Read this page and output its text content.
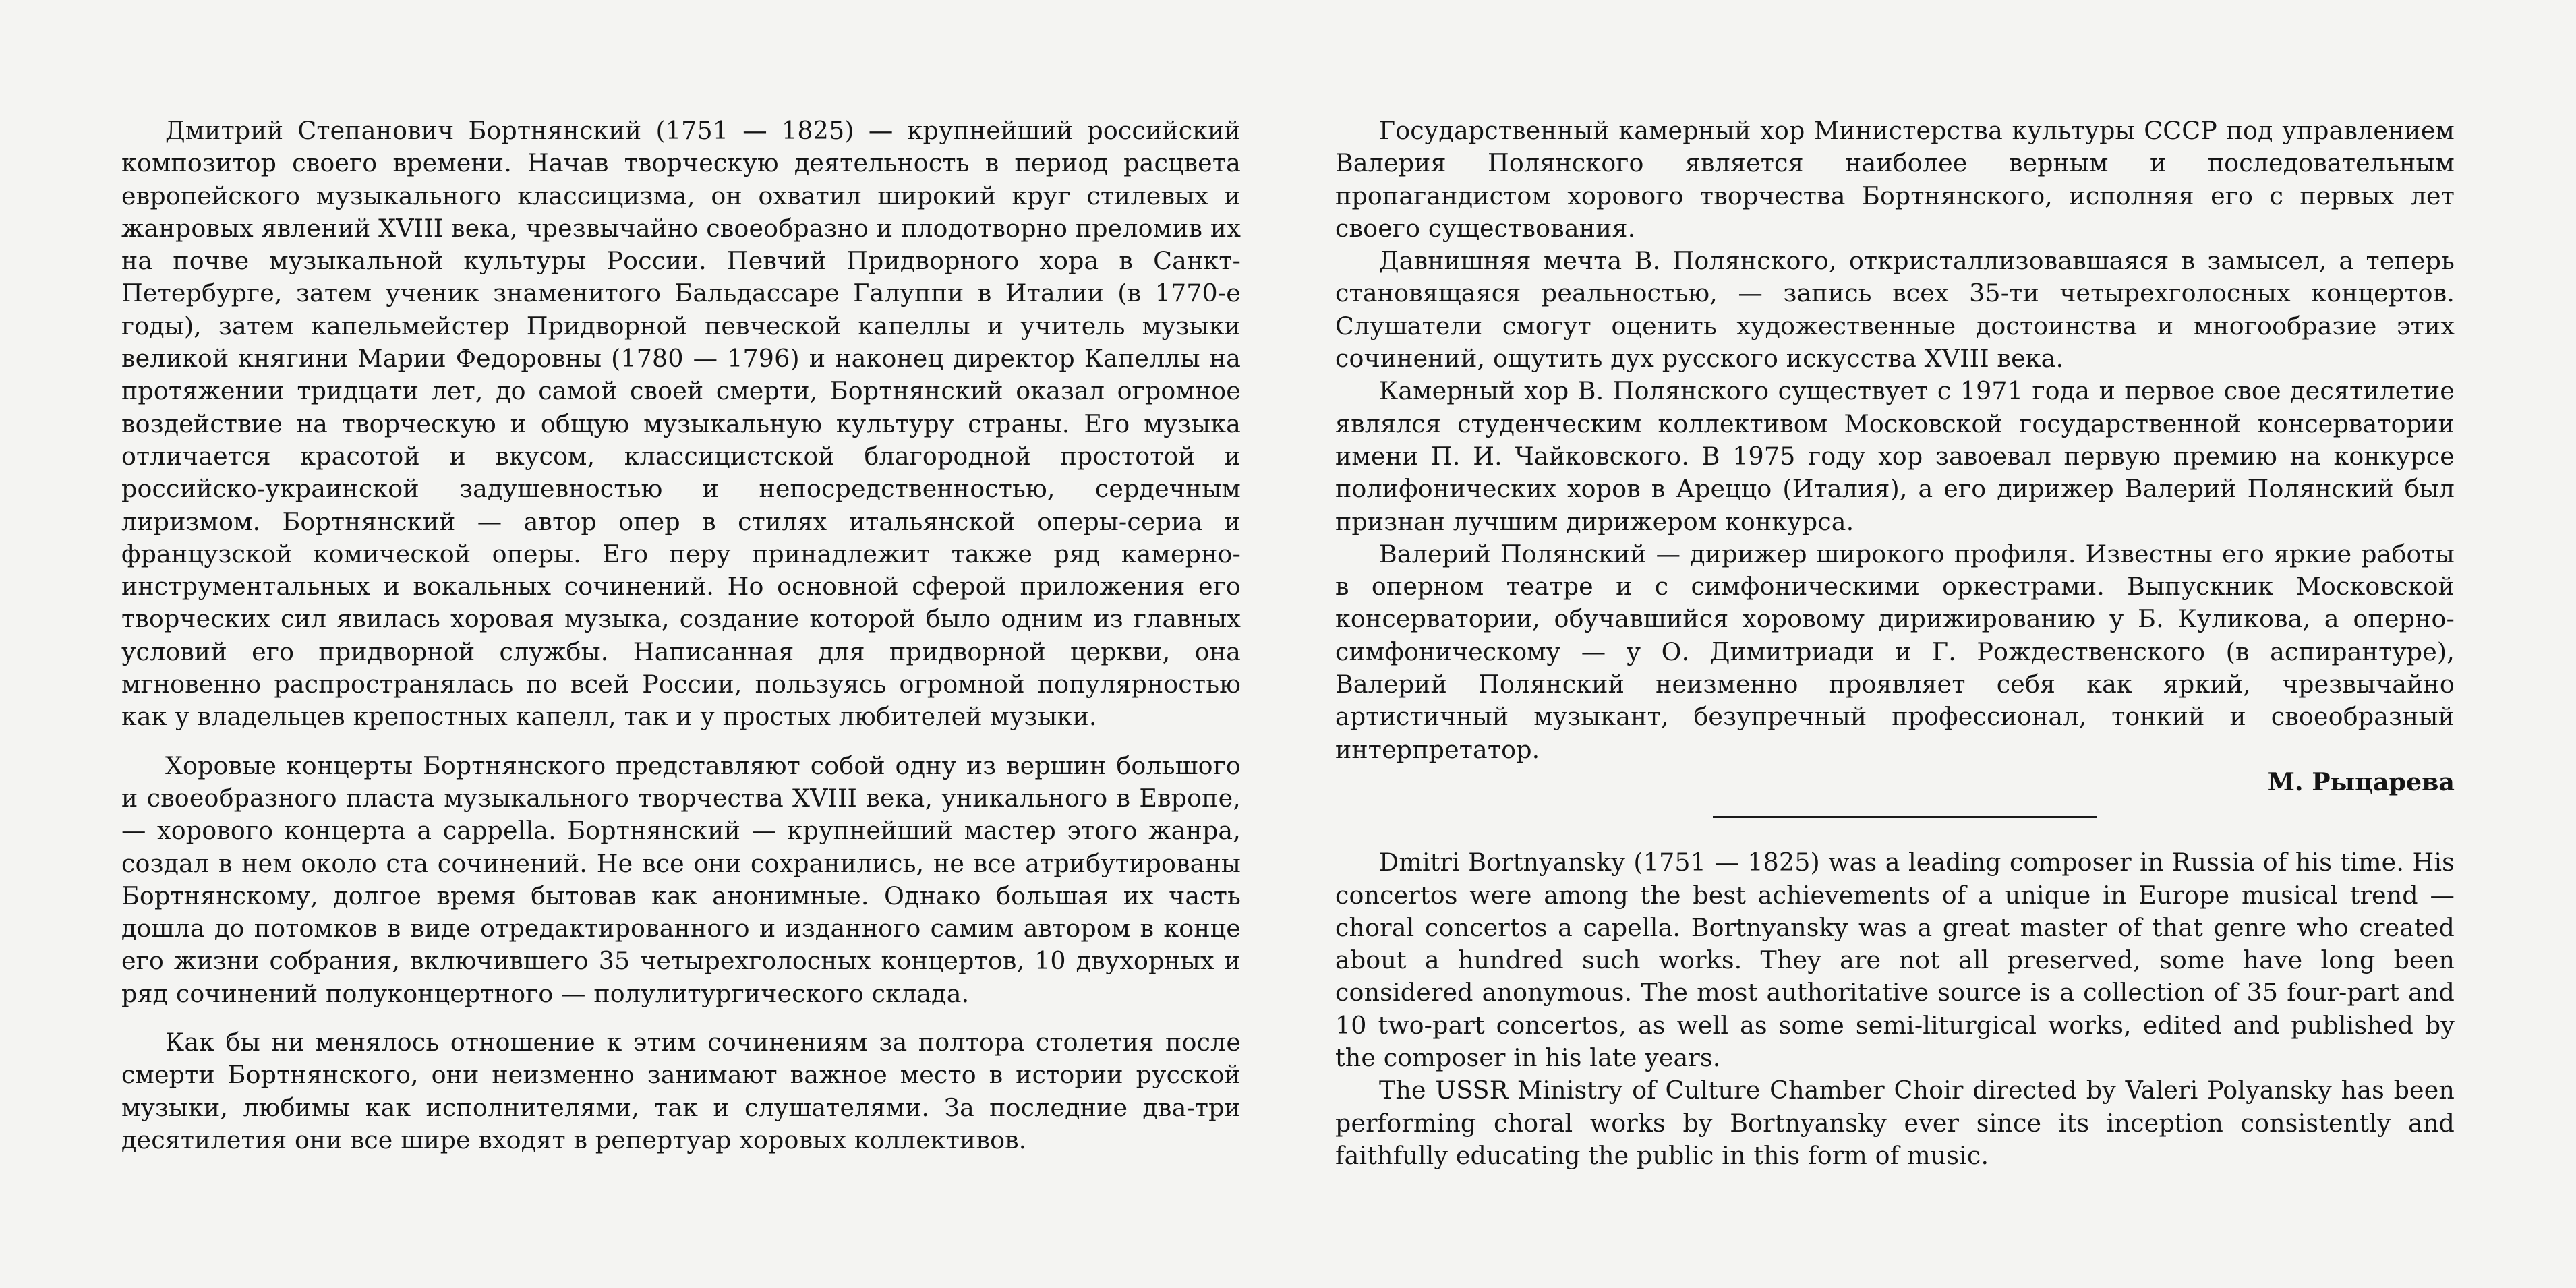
Дмитрий Степанович Бортнянский (1751 — 1825) — крупнейший российский композитор своего времени. Начав творческую деятельность в период расцвета европейского музыкального классицизма, он охватил широкий круг стилевых и жанровых явлений XVIII века, чрезвычайно своеобразно и плодотворно преломив их на почве музыкальной культуры России. Певчий Придворного хора в Санкт-Петербурге, затем ученик знаменитого Бальдассаре Галуппи в Италии (в 1770-е годы), затем капельмейстер Придворной певческой капеллы и учитель музыки великой княгини Марии Федоровны (1780 — 1796) и наконец директор Капеллы на протяжении тридцати лет, до самой своей смерти, Бортнянский оказал огромное воздействие на творческую и общую музыкальную культуру страны. Его музыка отличается красотой и вкусом, классицистской благородной простотой и российско-украинской задушевностью и непосредственностью, сердечным лиризмом. Бортнянский — автор опер в стилях итальянской оперы-сериа и французской комической оперы. Его перу принадлежит также ряд камерно-инструментальных и вокальных сочинений. Но основной сферой приложения его творческих сил явилась хоровая музыка, создание которой было одним из главных условий его придворной службы. Написанная для придворной церкви, она мгновенно распространялась по всей России, пользуясь огромной популярностью как у владельцев крепостных капелл, так и у простых любителей музыки.

Хоровые концерты Бортнянского представляют собой одну из вершин большого и своеобразного пласта музыкального творчества XVIII века, уникального в Европе, — хорового концерта a cappella. Бортнянский — крупнейший мастер этого жанра, создал в нем около ста сочинений. Не все они сохранились, не все атрибутированы Бортнянскому, долгое время бытовав как анонимные. Однако большая их часть дошла до потомков в виде отредактированного и изданного самим автором в конце его жизни собрания, включившего 35 четырехголосных концертов, 10 двухорных и ряд сочинений полуконцертного — полулитургического склада.

Как бы ни менялось отношение к этим сочинениям за полтора столетия после смерти Бортнянского, они неизменно занимают важное место в истории русской музыки, любимы как исполнителями, так и слушателями. За последние два-три десятилетия они все шире входят в репертуар хоровых коллективов.

Государственный камерный хор Министерства культуры СССР под управлением Валерия Полянского является наиболее верным и последовательным пропагандистом хорового творчества Бортнянского, исполняя его с первых лет своего существования.

Давнишняя мечта В. Полянского, откристаллизовавшаяся в замысел, а теперь становящаяся реальностью, — запись всех 35-ти четырехголосных концертов. Слушатели смогут оценить художественные достоинства и многообразие этих сочинений, ощутить дух русского искусства XVIII века.

Камерный хор В. Полянского существует с 1971 года и первое свое десятилетие являлся студенческим коллективом Московской государственной консерватории имени П. И. Чайковского. В 1975 году хор завоевал первую премию на конкурсе полифонических хоров в Ареццо (Италия), а его дирижер Валерий Полянский был признан лучшим дирижером конкурса.

Валерий Полянский — дирижер широкого профиля. Известны его яркие работы в оперном театре и с симфоническими оркестрами. Выпускник Московской консерватории, обучавшийся хоровому дирижированию у Б. Куликова, а оперно-симфоническому — у О. Димитриади и Г. Рождественского (в аспирантуре), Валерий Полянский неизменно проявляет себя как яркий, чрезвычайно артистичный музыкант, безупречный профессионал, тонкий и своеобразный интерпретатор.

М. Рыцарева

Dmitri Bortnyansky (1751 — 1825) was a leading composer in Russia of his time. His concertos were among the best achievements of a unique in Europe musical trend — choral concertos a capella. Bortnyansky was a great master of that genre who created about a hundred such works. They are not all preserved, some have long been considered anonymous. The most authoritative source is a collection of 35 four-part and 10 two-part concertos, as well as some semi-liturgical works, edited and published by the composer in his late years.

The USSR Ministry of Culture Chamber Choir directed by Valeri Polyansky has been performing choral works by Bortnyansky ever since its inception consistently and faithfully educating the public in this form of music.
